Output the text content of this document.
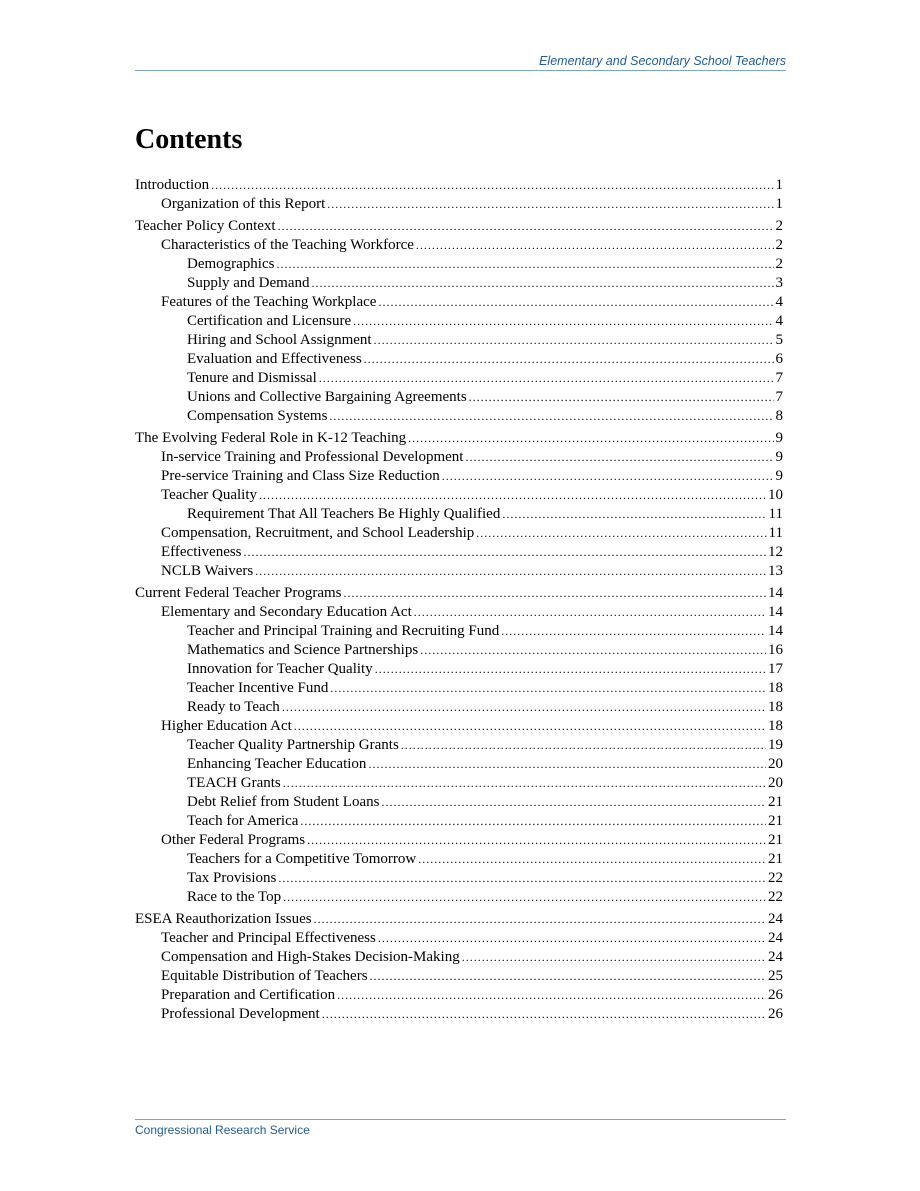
Elementary and Secondary School Teachers
Contents
Introduction .....	1
Organization of this Report .....	1
Teacher Policy Context .....	2
Characteristics of the Teaching Workforce .....	2
Demographics .....	2
Supply and Demand .....	3
Features of the Teaching Workplace .....	4
Certification and Licensure .....	4
Hiring and School Assignment .....	5
Evaluation and Effectiveness .....	6
Tenure and Dismissal .....	7
Unions and Collective Bargaining Agreements .....	7
Compensation Systems .....	8
The Evolving Federal Role in K-12 Teaching .....	9
In-service Training and Professional Development .....	9
Pre-service Training and Class Size Reduction .....	9
Teacher Quality .....	10
Requirement That All Teachers Be Highly Qualified .....	11
Compensation, Recruitment, and School Leadership .....	11
Effectiveness .....	12
NCLB Waivers .....	13
Current Federal Teacher Programs .....	14
Elementary and Secondary Education Act .....	14
Teacher and Principal Training and Recruiting Fund .....	14
Mathematics and Science Partnerships .....	16
Innovation for Teacher Quality .....	17
Teacher Incentive Fund .....	18
Ready to Teach .....	18
Higher Education Act .....	18
Teacher Quality Partnership Grants .....	19
Enhancing Teacher Education .....	20
TEACH Grants .....	20
Debt Relief from Student Loans .....	21
Teach for America .....	21
Other Federal Programs .....	21
Teachers for a Competitive Tomorrow .....	21
Tax Provisions .....	22
Race to the Top .....	22
ESEA Reauthorization Issues .....	24
Teacher and Principal Effectiveness .....	24
Compensation and High-Stakes Decision-Making .....	24
Equitable Distribution of Teachers .....	25
Preparation and Certification .....	26
Professional Development .....	26
Congressional Research Service
